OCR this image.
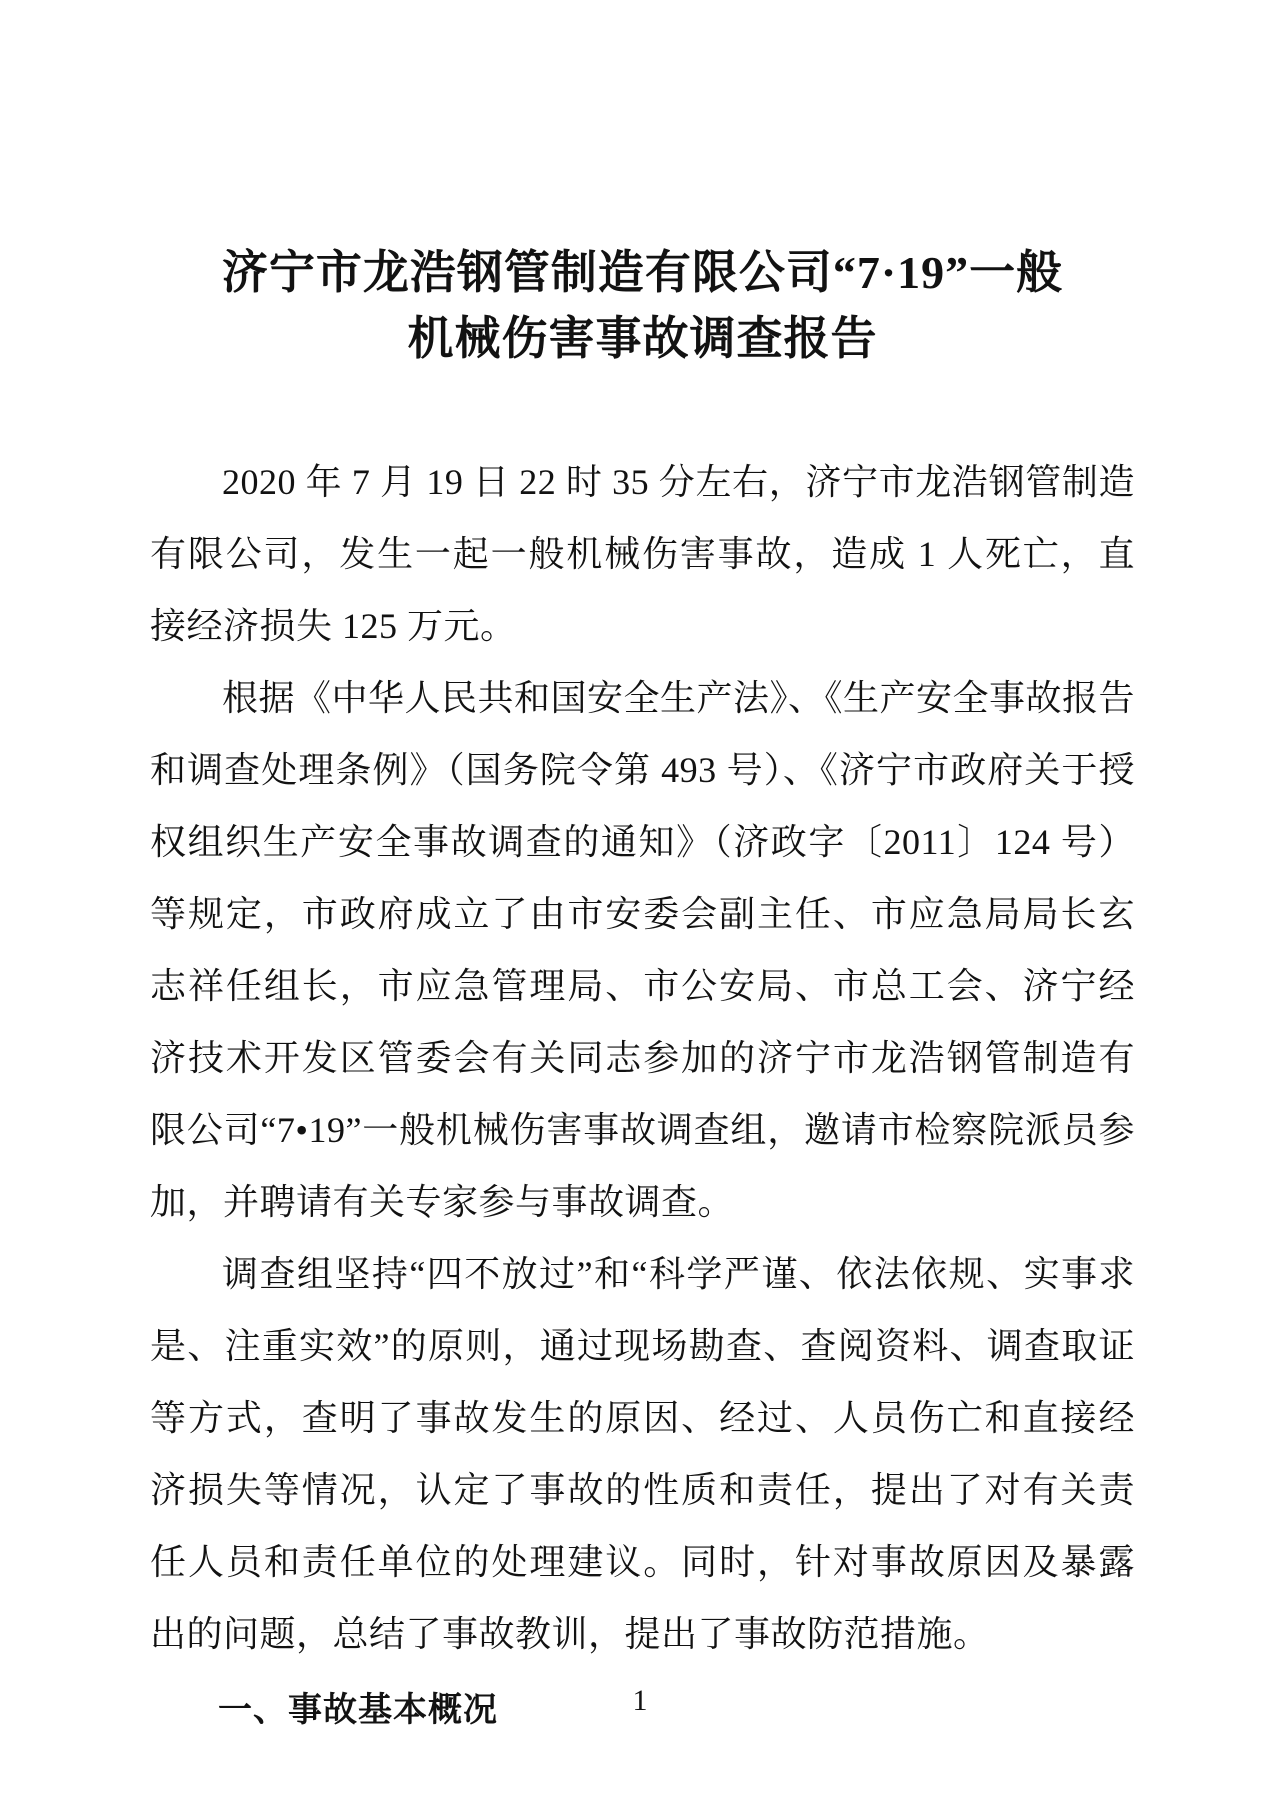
济宁市龙浩钢管制造有限公司“7·19”一般
机械伤害事故调查报告

2020 年 7 月 19 日 22 时 35 分左右，济宁市龙浩钢管制造有限公司，发生一起一般机械伤害事故，造成 1 人死亡，直接经济损失 125 万元。

根据《中华人民共和国安全生产法》、《生产安全事故报告和调查处理条例》（国务院令第 493 号）、《济宁市政府关于授权组织生产安全事故调查的通知》（济政字〔2011〕124 号）等规定，市政府成立了由市安委会副主任、市应急局局长玄志祥任组长，市应急管理局、市公安局、市总工会、济宁经济技术开发区管委会有关同志参加的济宁市龙浩钢管制造有限公司“7•19”一般机械伤害事故调查组，邀请市检察院派员参加，并聘请有关专家参与事故调查。

调查组坚持“四不放过”和“科学严谨、依法依规、实事求是、注重实效”的原则，通过现场勘查、查阅资料、调查取证等方式，查明了事故发生的原因、经过、人员伤亡和直接经济损失等情况，认定了事故的性质和责任，提出了对有关责任人员和责任单位的处理建议。同时，针对事故原因及暴露出的问题，总结了事故教训，提出了事故防范措施。

一、事故基本概况	1
